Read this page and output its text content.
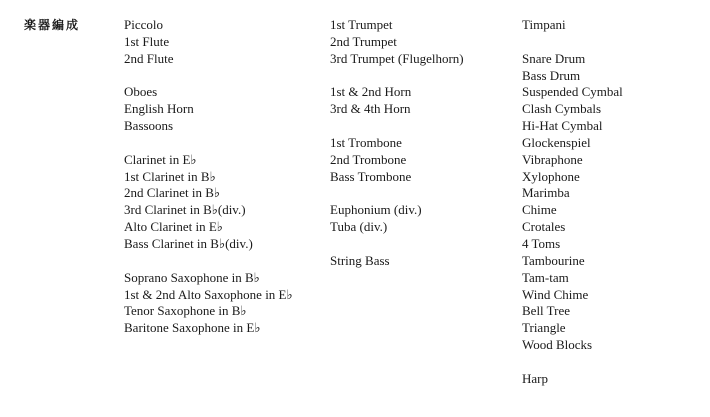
楽器編成	Piccolo
1st Flute
2nd Flute
Oboes
English Horn
Bassoons
Clarinet in E♭
1st Clarinet in B♭
2nd Clarinet in B♭
3rd Clarinet in B♭(div.)
Alto Clarinet in E♭
Bass Clarinet in B♭(div.)
Soprano Saxophone in B♭
1st & 2nd Alto Saxophone in E♭
Tenor Saxophone in B♭
Baritone Saxophone in E♭
1st Trumpet
2nd Trumpet
3rd Trumpet (Flugelhorn)
1st & 2nd Horn
3rd & 4th Horn
1st Trombone
2nd Trombone
Bass Trombone
Euphonium (div.)
Tuba (div.)
String Bass
Timpani
Snare Drum
Bass Drum
Suspended Cymbal
Clash Cymbals
Hi-Hat Cymbal
Glockenspiel
Vibraphone
Xylophone
Marimba
Chime
Crotales
4 Toms
Tambourine
Tam-tam
Wind Chime
Bell Tree
Triangle
Wood Blocks
Harp
